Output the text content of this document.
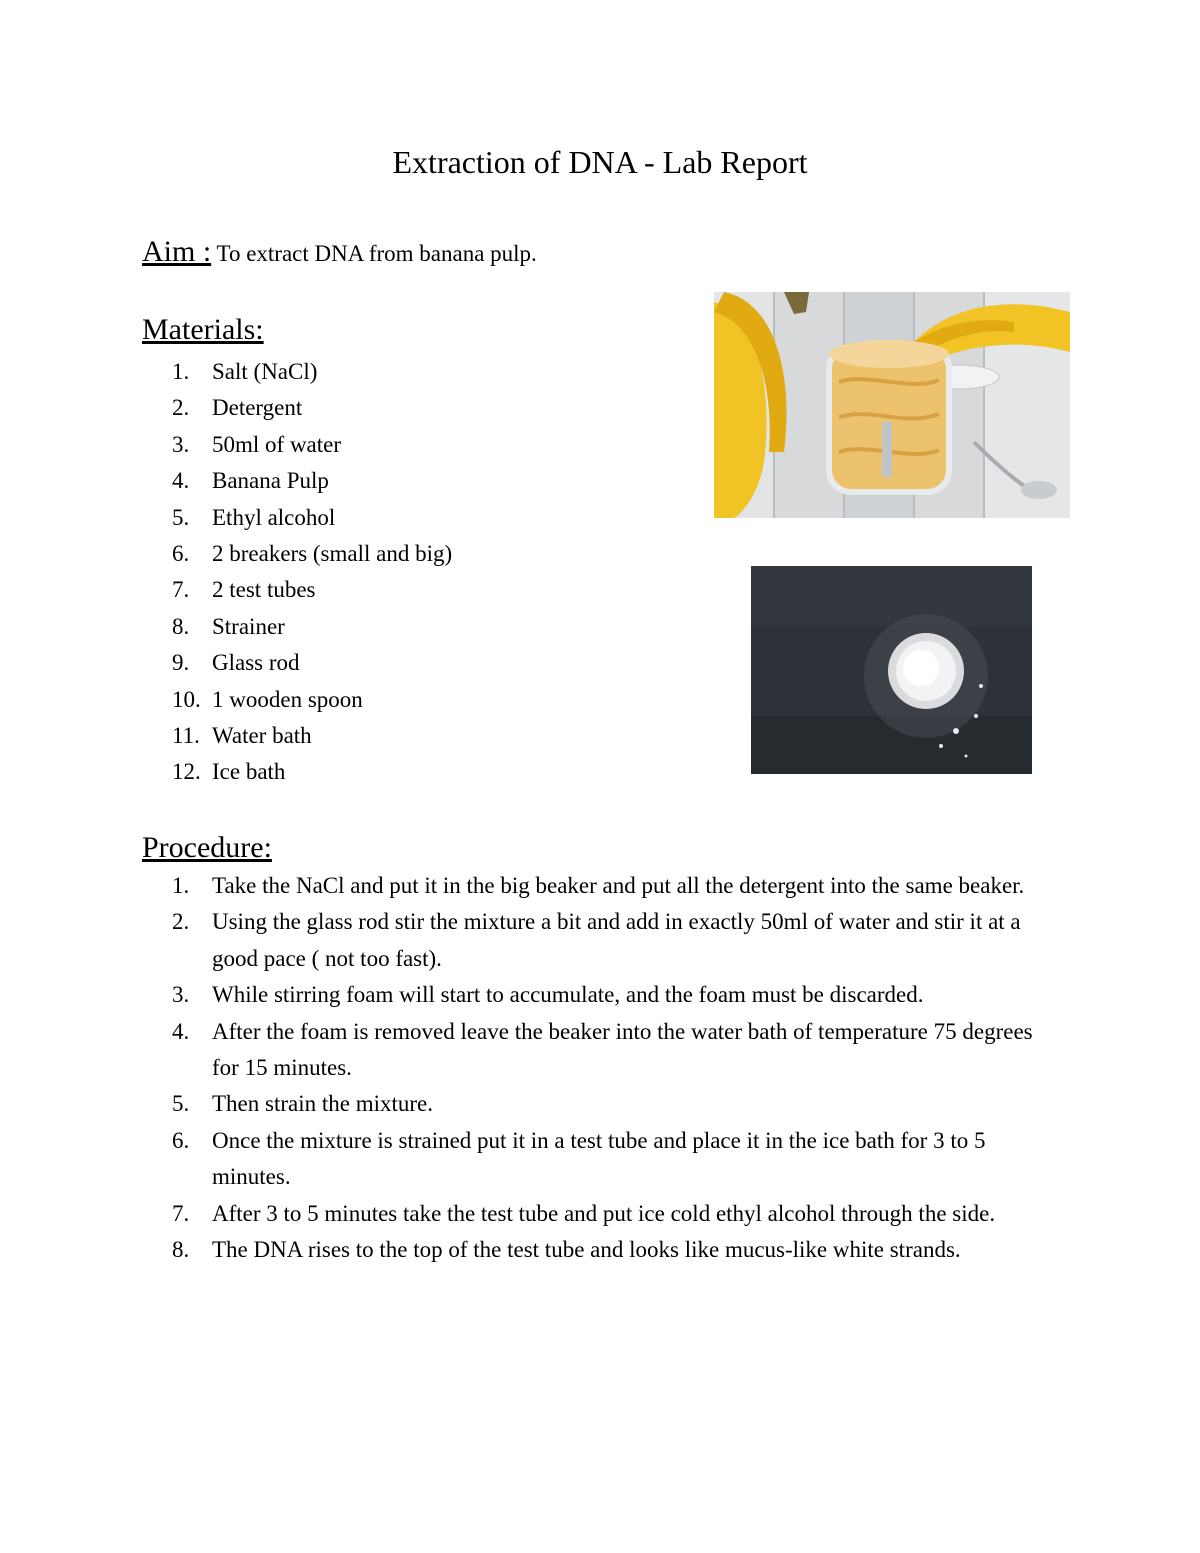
Extraction of DNA - Lab Report
Aim : To extract DNA from banana pulp.
Materials:
1. Salt (NaCl)
2. Detergent
3. 50ml of water
4. Banana Pulp
5. Ethyl alcohol
6. 2 breakers (small and big)
7. 2 test tubes
8. Strainer
9. Glass rod
10. 1 wooden spoon
11. Water bath
12. Ice bath
Procedure:
1. Take the NaCl and put it in the big beaker and put all the detergent into the same beaker.
2. Using the glass rod stir the mixture a bit and add in exactly 50ml of water and stir it at a good pace ( not too fast).
3. While stirring foam will start to accumulate, and the foam must be discarded.
4. After the foam is removed leave the beaker into the water bath of temperature 75 degrees for 15 minutes.
5. Then strain the mixture.
6. Once the mixture is strained put it in a test tube and place it in the ice bath for 3 to 5 minutes.
7. After 3 to 5 minutes take the test tube and put ice cold ethyl alcohol through the side.
8. The DNA rises to the top of the test tube and looks like mucus-like white strands.
